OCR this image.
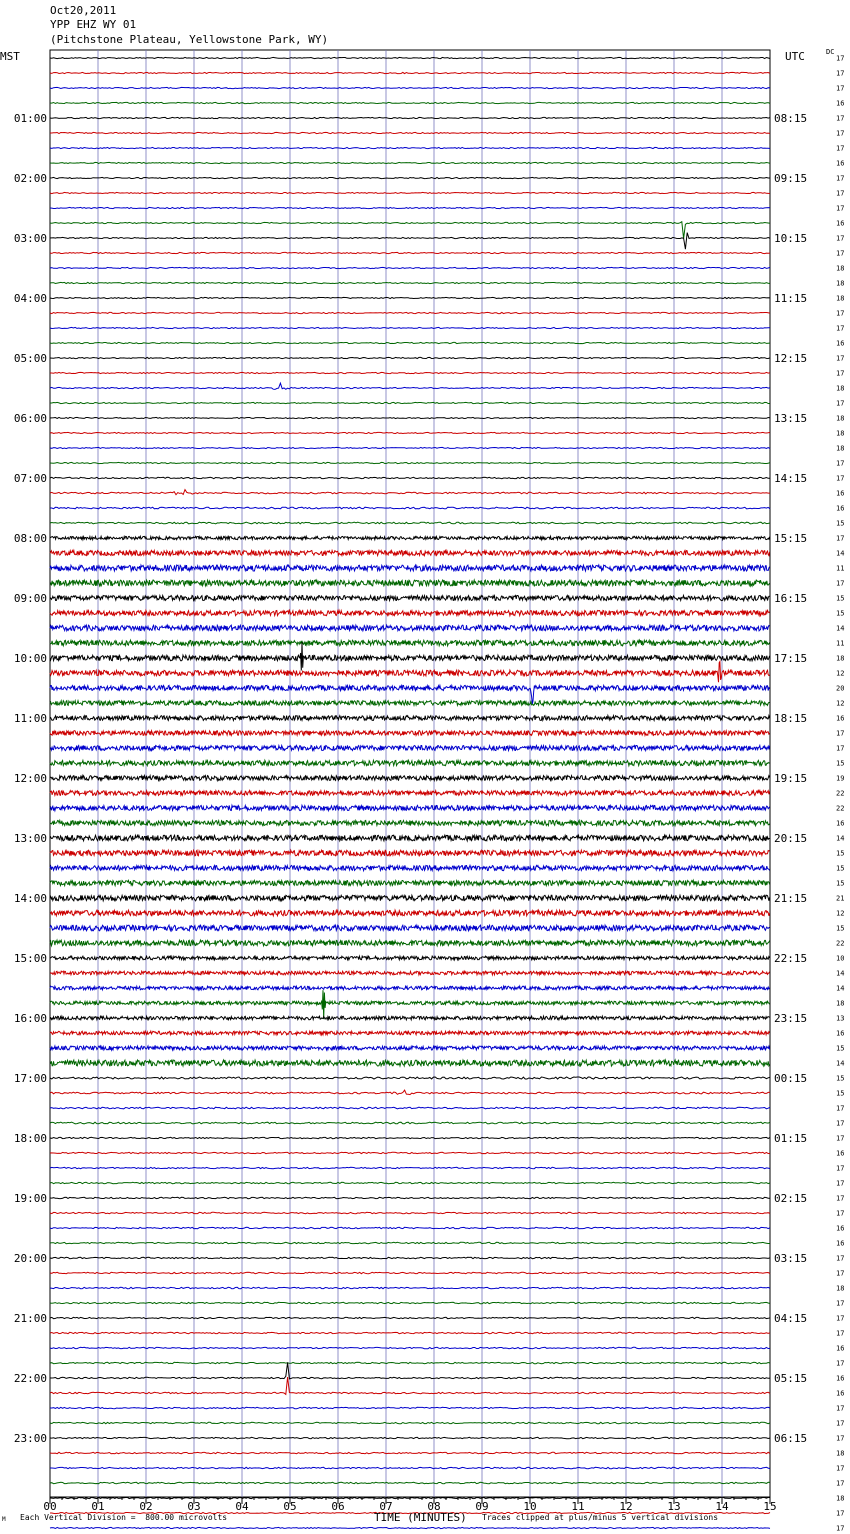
Oct20,2011
YPP EHZ WY 01
(Pitchstone Plateau, Yellowstone Park, WY)
MST	UTC	DC
17
17
17
16
17
17
17
16
17
17
17
16
17
17
18
18
18
17
17
16
17
17
18
17
18
18
18
17
17
16
16
15
17
14
11
17
15
15
14
11
18
12
20
12
16
17
17
15
19
22
22
16
14
15
15
15
21
12
15
22
10
14
14
18
13
16
15
14
15
15
17
17
17
16
17
17
17
17
16
16
17
17
18
17
17
17
16
17
16
16
17
17
17
18
17
17
18
17
17
01:00	08:15
02:00	09:15
03:00	10:15
04:00	11:15
05:00	12:15
06:00	13:15
07:00	14:15
08:00	15:15
09:00	16:15
10:00	17:15
11:00	18:15
12:00	19:15
13:00	20:15
14:00	21:15
15:00	22:15
16:00	23:15
17:00	00:15
18:00	01:15
19:00	02:15
20:00	03:15
21:00	04:15
22:00	05:15
23:00	06:15
00	01	02	03	04	05	06	07	08	09	10	11	12	13	14	15
M Each Vertical Division =  800.00 microvolts	TIME (MINUTES) Traces clipped at plus/minus 5 vertical divisions
